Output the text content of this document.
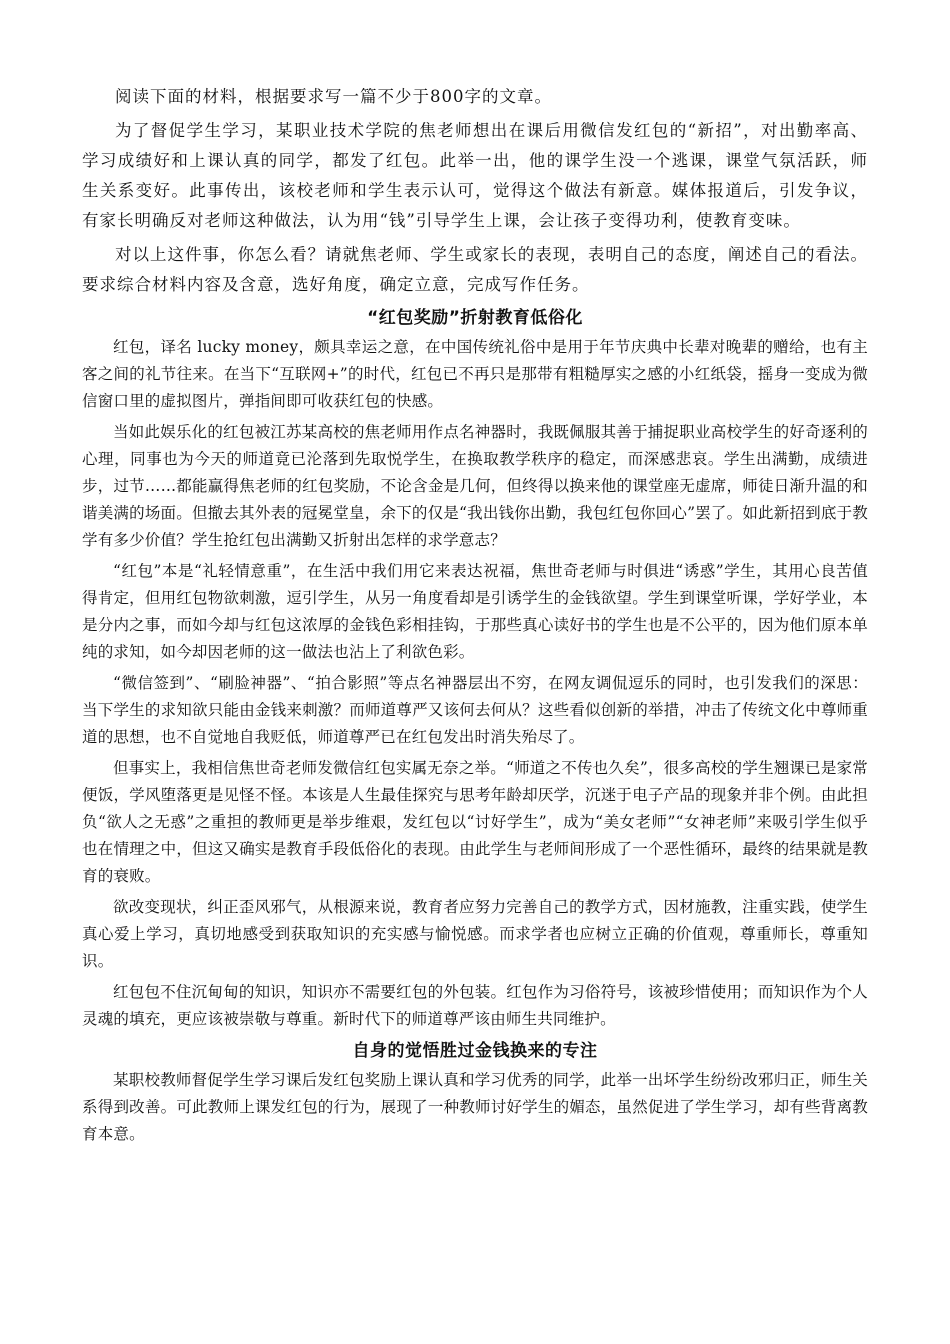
阅读下面的材料，根据要求写一篇不少于800字的文章。

为了督促学生学习，某职业技术学院的焦老师想出在课后用微信发红包的“新招”，对出勤率高、学习成绩好和上课认真的同学，都发了红包。此举一出，他的课学生没一个逃课，课堂气氛活跃，师生关系变好。此事传出，该校老师和学生表示认可，觉得这个做法有新意。媒体报道后，引发争议，有家长明确反对老师这种做法，认为用“钱”引导学生上课，会让孩子变得功利，使教育变味。

对以上这件事，你怎么看？请就焦老师、学生或家长的表现，表明自己的态度，阐述自己的看法。要求综合材料内容及含意，选好角度，确定立意，完成写作任务。

“红包奖励”折射教育低俗化

红包，译名 lucky money，颇具幸运之意，在中国传统礼俗中是用于年节庆典中长辈对晚辈的赠给，也有主客之间的礼节往来。在当下“互联网+”的时代，红包已不再只是那带有粗糙厚实之感的小红纸袋，摇身一变成为微信窗口里的虚拟图片，弹指间即可收获红包的快感。

当如此娱乐化的红包被江苏某高校的焦老师用作点名神器时，我既佩服其善于捕捉职业高校学生的好奇逐利的心理，同事也为今天的师道竟已沦落到先取悦学生，在换取教学秩序的稳定，而深感悲哀。学生出满勤，成绩进步，过节……都能赢得焦老师的红包奖励，不论含金是几何，但终得以换来他的课堂座无虚席，师徒日渐升温的和谐美满的场面。但撤去其外表的冠冕堂皇，余下的仅是“我出钱你出勤，我包红包你回心”罢了。如此新招到底于教学有多少价值？学生抢红包出满勤又折射出怎样的求学意志？

“红包”本是“礼轻情意重”，在生活中我们用它来表达祝福，焦世奇老师与时俱进“诱惑”学生，其用心良苦值得肯定，但用红包物欲刺激，逗引学生，从另一角度看却是引诱学生的金钱欲望。学生到课堂听课，学好学业，本是分内之事，而如今却与红包这浓厚的金钱色彩相挂钩，于那些真心读好书的学生也是不公平的，因为他们原本单纯的求知，如今却因老师的这一做法也沾上了利欲色彩。

“微信签到”、“刷脸神器”、“拍合影照”等点名神器层出不穷，在网友调侃逗乐的同时，也引发我们的深思：当下学生的求知欲只能由金钱来刺激？而师道尊严又该何去何从？这些看似创新的举措，冲击了传统文化中尊师重道的思想，也不自觉地自我贬低，师道尊严已在红包发出时消失殆尽了。

但事实上，我相信焦世奇老师发微信红包实属无奈之举。“师道之不传也久矣”，很多高校的学生翘课已是家常便饭，学风堕落更是见怪不怪。本该是人生最佳探究与思考年龄却厌学，沉迷于电子产品的现象并非个例。由此担负“欲人之无惑”之重担的教师更是举步维艰，发红包以“讨好学生”，成为“美女老师”“女神老师”来吸引学生似乎也在情理之中，但这又确实是教育手段低俗化的表现。由此学生与老师间形成了一个恶性循环，最终的结果就是教育的衰败。

欲改变现状，纠正歪风邪气，从根源来说，教育者应努力完善自己的教学方式，因材施教，注重实践，使学生真心爱上学习，真切地感受到获取知识的充实感与愉悦感。而求学者也应树立正确的价值观，尊重师长，尊重知识。

红包包不住沉甸甸的知识，知识亦不需要红包的外包装。红包作为习俗符号，该被珍惜使用；而知识作为个人灵魂的填充，更应该被崇敬与尊重。新时代下的师道尊严该由师生共同维护。

自身的觉悟胜过金钱换来的专注

某职校教师督促学生学习课后发红包奖励上课认真和学习优秀的同学，此举一出坏学生纷纷改邪归正，师生关系得到改善。可此教师上课发红包的行为，展现了一种教师讨好学生的媚态，虽然促进了学生学习，却有些背离教育本意。
